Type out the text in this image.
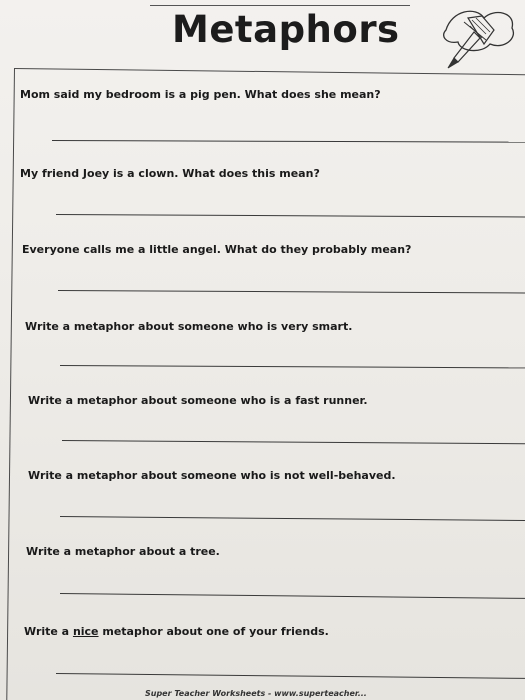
Metaphors
Mom said my bedroom is a pig pen. What does she mean?
My friend Joey is a clown. What does this mean?
Everyone calls me a little angel. What do they probably mean?
Write a metaphor about someone who is very smart.
Write a metaphor about someone who is a fast runner.
Write a metaphor about someone who is not well-behaved.
Write a metaphor about a tree.
Write a nice metaphor about one of your friends.
Super Teacher Worksheets - www.superteacher...
